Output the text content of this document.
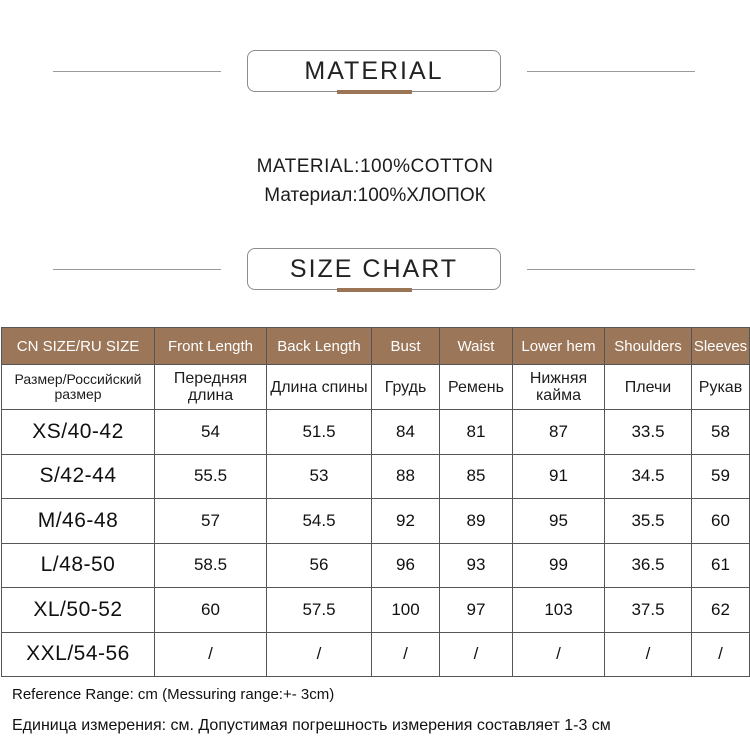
MATERIAL
MATERIAL:100%COTTON
Материал:100%ХЛОПОК
SIZE CHART
CN SIZE/RU SIZE	Front Length	Back Length	Bust	Waist	Lower hem	Shoulders	Sleeves
Размер/Российский размер	Передняя длина	Длина спины	Грудь	Ремень	Нижняя кайма	Плечи	Рукав
XS/40-42	54	51.5	84	81	87	33.5	58
S/42-44	55.5	53	88	85	91	34.5	59
M/46-48	57	54.5	92	89	95	35.5	60
L/48-50	58.5	56	96	93	99	36.5	61
XL/50-52	60	57.5	100	97	103	37.5	62
XXL/54-56	/	/	/	/	/	/	/
Reference Range: cm (Messuring range:+- 3cm)
Единица измерения: см. Допустимая погрешность измерения составляет 1-3 см
